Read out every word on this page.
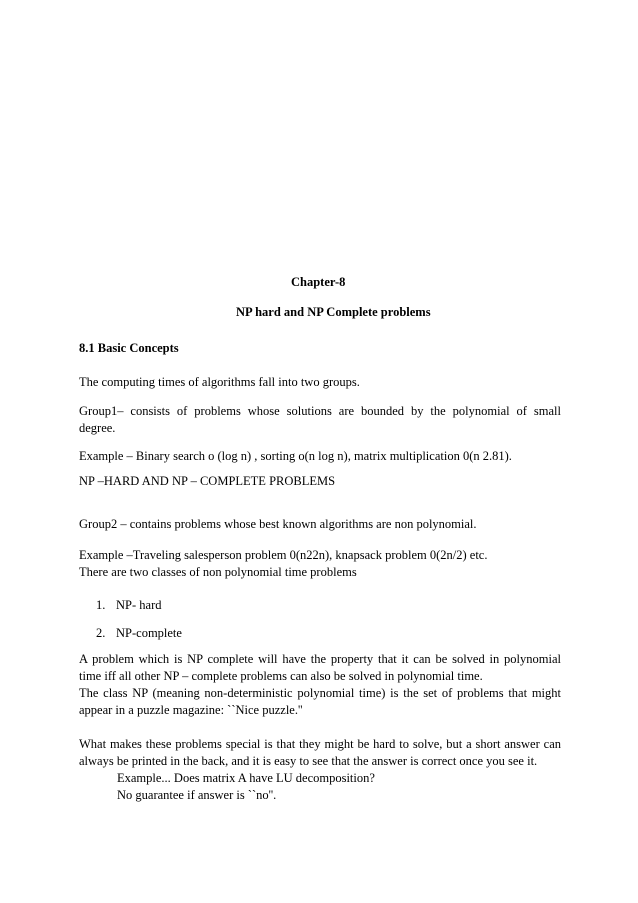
Chapter-8
NP hard and NP Complete problems
8.1 Basic Concepts
The computing times of algorithms fall into two groups.
Group1– consists of problems whose solutions are bounded by the polynomial of small
degree.
Example – Binary search o (log n) , sorting o(n log n), matrix multiplication 0(n 2.81).
NP –HARD AND NP – COMPLETE PROBLEMS
Group2 – contains problems whose best known algorithms are non polynomial.
Example –Traveling salesperson problem 0(n22n), knapsack problem 0(2n/2) etc.
There are two classes of non polynomial time problems
1. NP- hard
2. NP-complete
A problem which is NP complete will have the property that it can be solved in polynomial
time iff all other NP – complete problems can also be solved in polynomial time.
The class NP (meaning non-deterministic polynomial time) is the set of problems that might
appear in a puzzle magazine: ``Nice puzzle.''
What makes these problems special is that they might be hard to solve, but a short answer can
always be printed in the back, and it is easy to see that the answer is correct once you see it.
Example... Does matrix A have LU decomposition?
No guarantee if answer is ``no''.
